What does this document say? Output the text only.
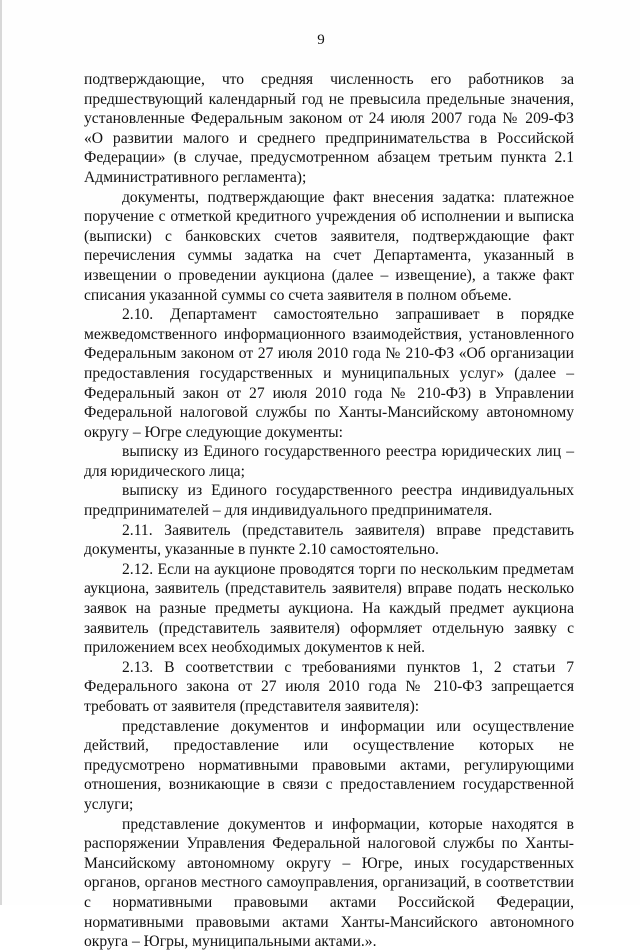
9

подтверждающие, что средняя численность его работников за предшествующий календарный год не превысила предельные значения, установленные Федеральным законом от 24 июля 2007 года № 209-ФЗ «О развитии малого и среднего предпринимательства в Российской Федерации» (в случае, предусмотренном абзацем третьим пункта 2.1 Административного регламента);

документы, подтверждающие факт внесения задатка: платежное поручение с отметкой кредитного учреждения об исполнении и выписка (выписки) с банковских счетов заявителя, подтверждающие факт перечисления суммы задатка на счет Департамента, указанный в извещении о проведении аукциона (далее – извещение), а также факт списания указанной суммы со счета заявителя в полном объеме.

2.10. Департамент самостоятельно запрашивает в порядке межведомственного информационного взаимодействия, установленного Федеральным законом от 27 июля 2010 года № 210-ФЗ «Об организации предоставления государственных и муниципальных услуг» (далее – Федеральный закон от 27 июля 2010 года № 210-ФЗ) в Управлении Федеральной налоговой службы по Ханты-Мансийскому автономному округу – Югре следующие документы:

выписку из Единого государственного реестра юридических лиц – для юридического лица;

выписку из Единого государственного реестра индивидуальных предпринимателей – для индивидуального предпринимателя.

2.11. Заявитель (представитель заявителя) вправе представить документы, указанные в пункте 2.10 самостоятельно.

2.12. Если на аукционе проводятся торги по нескольким предметам аукциона, заявитель (представитель заявителя) вправе подать несколько заявок на разные предметы аукциона. На каждый предмет аукциона заявитель (представитель заявителя) оформляет отдельную заявку с приложением всех необходимых документов к ней.

2.13. В соответствии с требованиями пунктов 1, 2 статьи 7 Федерального закона от 27 июля 2010 года № 210-ФЗ запрещается требовать от заявителя (представителя заявителя):

представление документов и информации или осуществление действий, предоставление или осуществление которых не предусмотрено нормативными правовыми актами, регулирующими отношения, возникающие в связи с предоставлением государственной услуги;

представление документов и информации, которые находятся в распоряжении Управления Федеральной налоговой службы по Ханты-Мансийскому автономному округу – Югре, иных государственных органов, органов местного самоуправления, организаций, в соответствии с нормативными правовыми актами Российской Федерации, нормативными правовыми актами Ханты-Мансийского автономного округа – Югры, муниципальными актами.».
